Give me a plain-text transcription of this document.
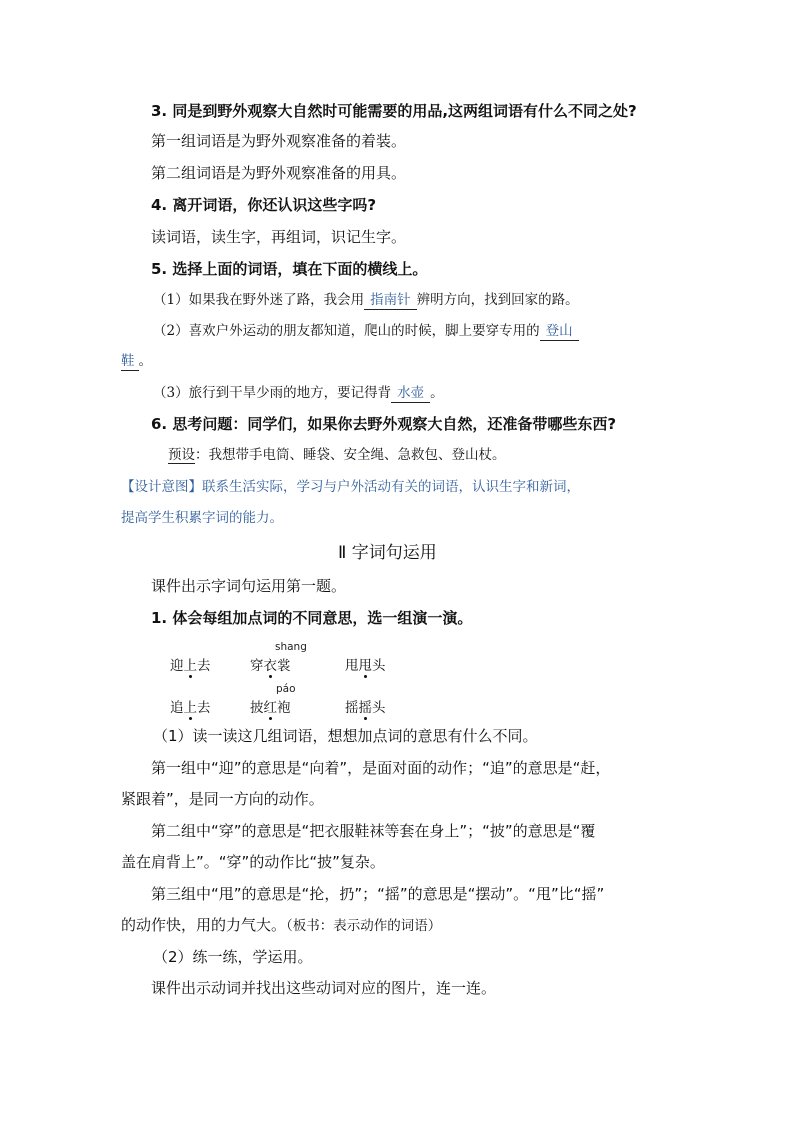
3. 同是到野外观察大自然时可能需要的用品,这两组词语有什么不同之处?
第一组词语是为野外观察准备的着装。
第二组词语是为野外观察准备的用具。
4. 离开词语，你还认识这些字吗?
读词语，读生字，再组词，识记生字。
5. 选择上面的词语，填在下面的横线上。
（1）如果我在野外迷了路，我会用 指南针 辨明方向，找到回家的路。
（2）喜欢户外运动的朋友都知道，爬山的时候，脚上要穿专用的 登山
鞋 。
（3）旅行到干旱少雨的地方，要记得背 水壶 。
6. 思考问题：同学们，如果你去野外观察大自然，还准备带哪些东西?
预设：我想带手电筒、睡袋、安全绳、急救包、登山杖。
【设计意图】联系生活实际，学习与户外活动有关的词语，认识生字和新词，
提高学生积累字词的能力。
Ⅱ 字词句运用
课件出示字词句运用第一题。
1. 体会每组加点词的不同意思，选一组演一演。
shang
迎上去	穿衣裳	甩甩头
páo
追上去	披红袍	摇摇头
（1）读一读这几组词语，想想加点词的意思有什么不同。
第一组中“迎”的意思是“向着”，是面对面的动作；“追”的意思是“赶，
紧跟着”，是同一方向的动作。
第二组中“穿”的意思是“把衣服鞋袜等套在身上”；“披”的意思是“覆
盖在肩背上”。“穿”的动作比“披”复杂。
第三组中“甩”的意思是“抡，扔”；“摇”的意思是“摆动”。“甩”比“摇”
的动作快，用的力气大。（板书：表示动作的词语）
（2）练一练，学运用。
课件出示动词并找出这些动词对应的图片，连一连。
